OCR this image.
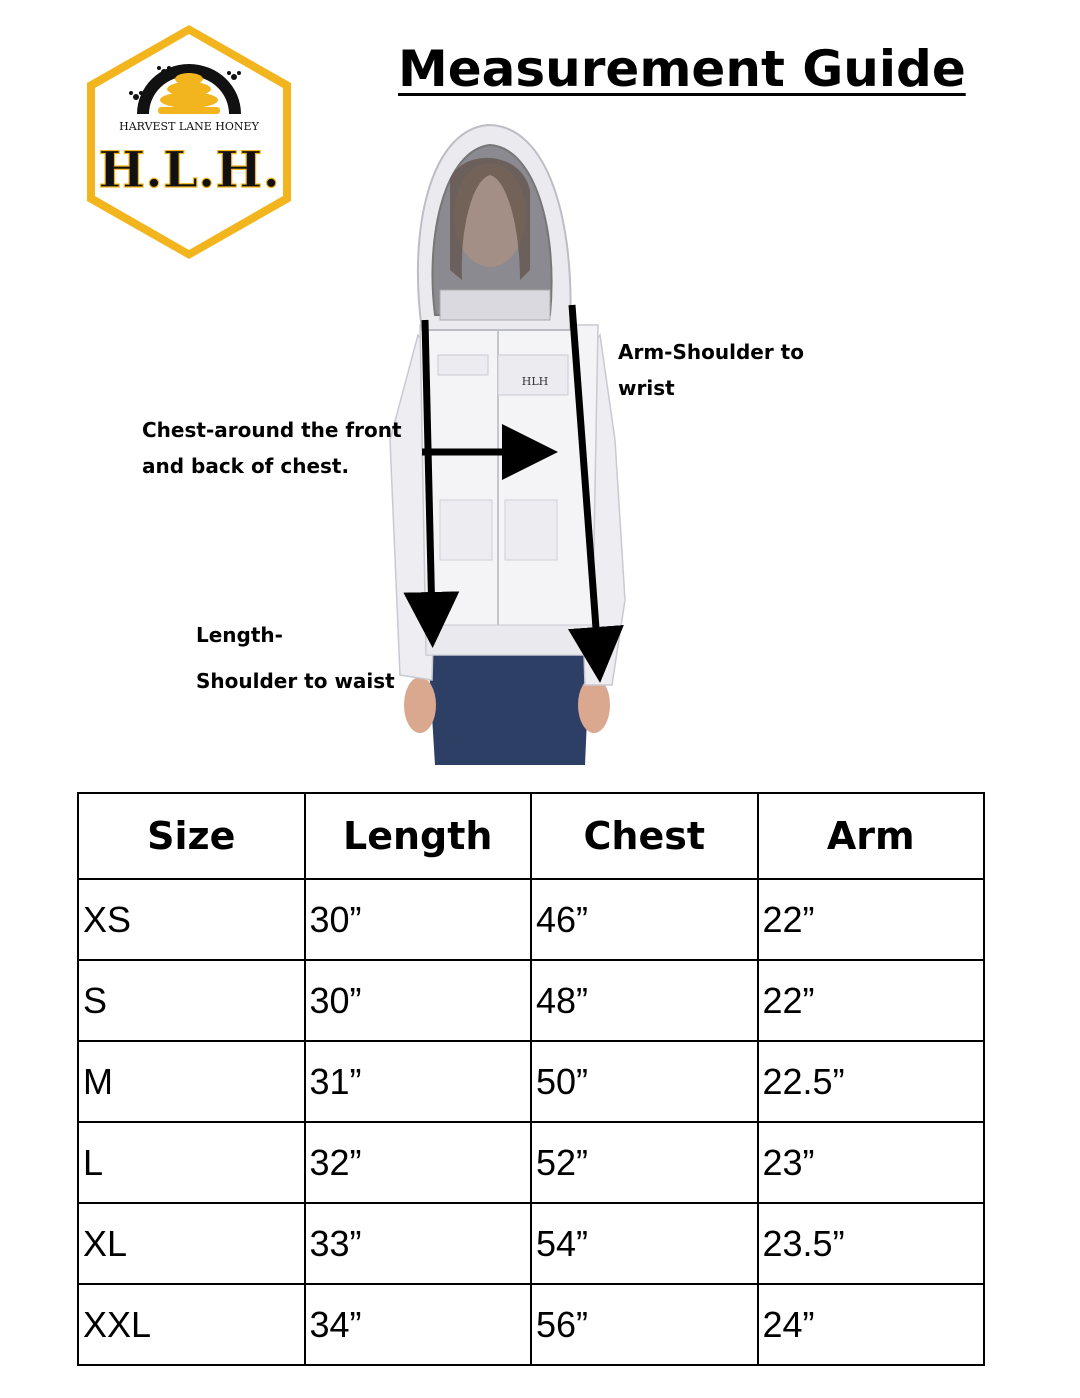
HARVEST LANE HONEY
H.L.H.
Measurement Guide
HLH
Arm-Shoulder to
wrist
Chest-around the front
and back of chest.
Length-
Shoulder to waist
Size	Length	Chest	Arm
XS	30”	46”	22”
S	30”	48”	22”
M	31”	50”	22.5”
L	32”	52”	23”
XL	33”	54”	23.5”
XXL	34”	56”	24”
